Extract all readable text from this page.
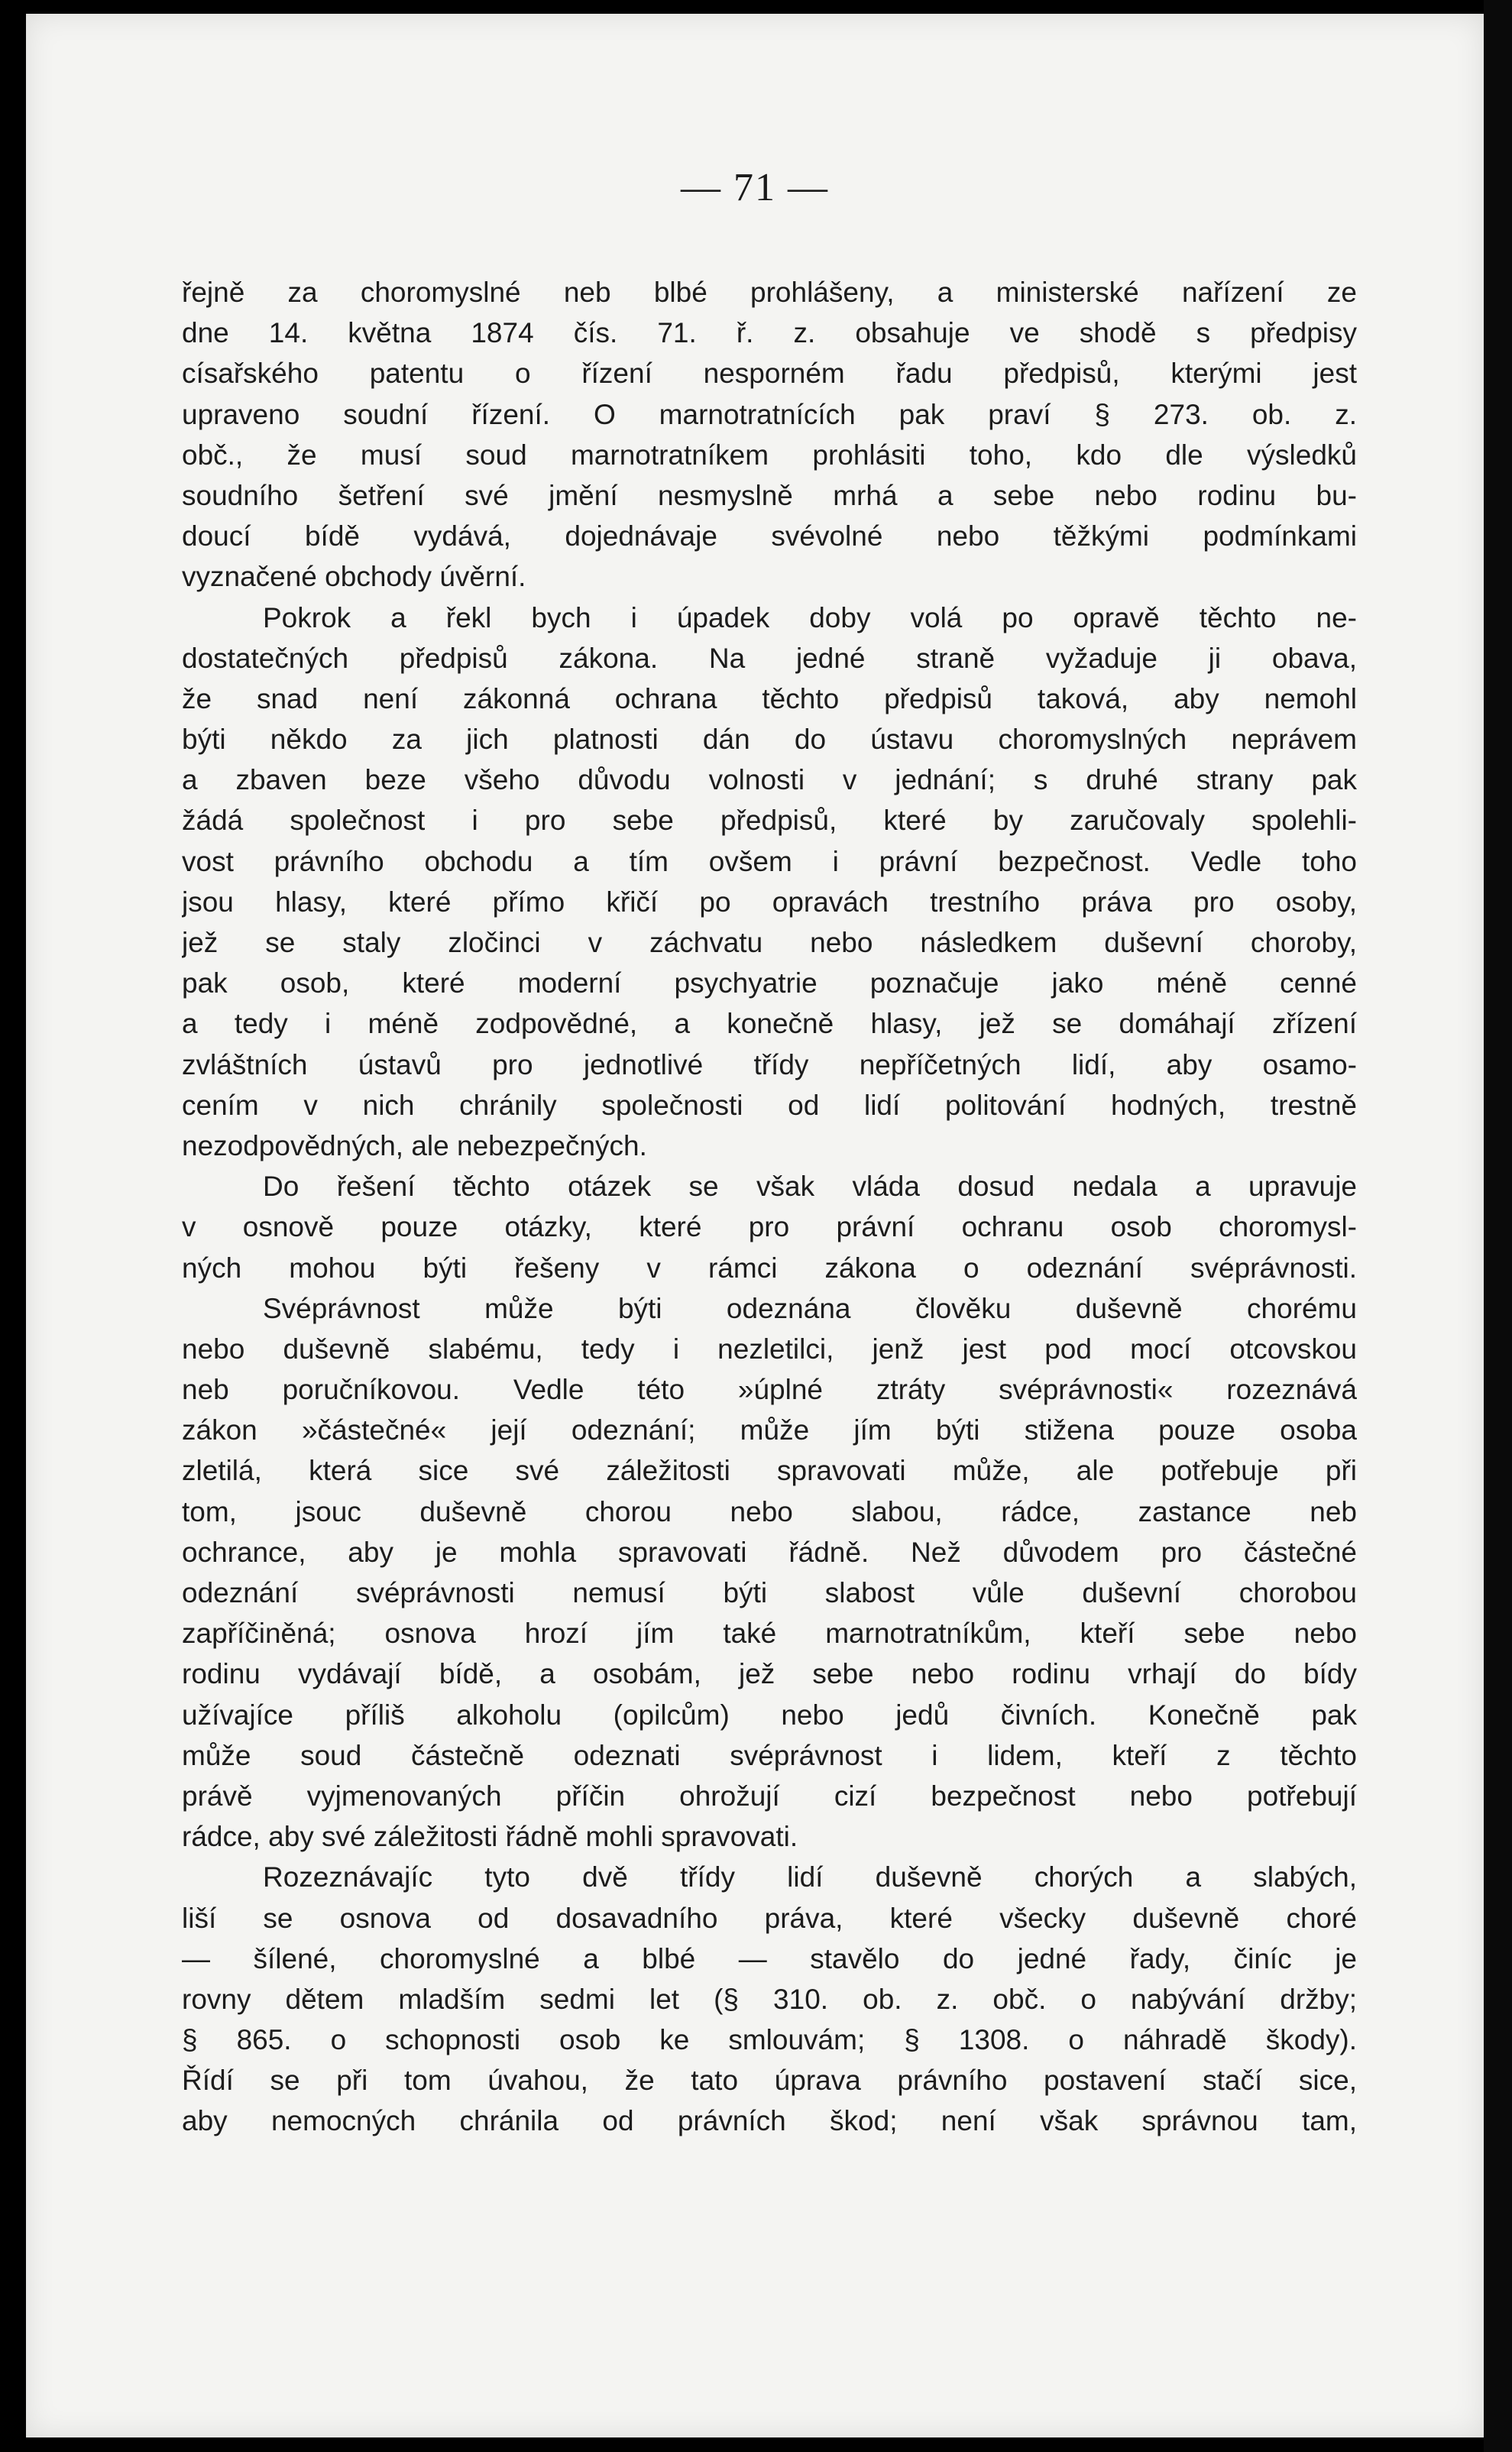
— 71 —
řejně za choromyslné neb blbé prohlášeny, a ministerské nařízení ze
dne 14. května 1874 čís. 71. ř. z. obsahuje ve shodě s předpisy
císařského patentu o řízení nesporném řadu předpisů, kterými jest
upraveno soudní řízení. O marnotratnících pak praví § 273. ob. z.
obč., že musí soud marnotratníkem prohlásiti toho, kdo dle výsledků
soudního šetření své jmění nesmyslně mrhá a sebe nebo rodinu bu-
doucí bídě vydává, dojednávaje svévolné nebo těžkými podmínkami
vyznačené obchody úvěrní.
Pokrok a řekl bych i úpadek doby volá po opravě těchto ne-
dostatečných předpisů zákona. Na jedné straně vyžaduje ji obava,
že snad není zákonná ochrana těchto předpisů taková, aby nemohl
býti někdo za jich platnosti dán do ústavu choromyslných neprávem
a zbaven beze všeho důvodu volnosti v jednání; s druhé strany pak
žádá společnost i pro sebe předpisů, které by zaručovaly spolehli-
vost právního obchodu a tím ovšem i právní bezpečnost. Vedle toho
jsou hlasy, které přímo křičí po opravách trestního práva pro osoby,
jež se staly zločinci v záchvatu nebo následkem duševní choroby,
pak osob, které moderní psychyatrie poznačuje jako méně cenné
a tedy i méně zodpovědné, a konečně hlasy, jež se domáhají zřízení
zvláštních ústavů pro jednotlivé třídy nepříčetných lidí, aby osamo-
cením v nich chránily společnosti od lidí politování hodných, trestně
nezodpovědných, ale nebezpečných.
Do řešení těchto otázek se však vláda dosud nedala a upravuje
v osnově pouze otázky, které pro právní ochranu osob choromysl-
ných mohou býti řešeny v rámci zákona o odeznání svéprávnosti.
Svéprávnost může býti odeznána člověku duševně chorému
nebo duševně slabému, tedy i nezletilci, jenž jest pod mocí otcovskou
neb poručníkovou. Vedle této »úplné ztráty svéprávnosti« rozeznává
zákon »částečné« její odeznání; může jím býti stižena pouze osoba
zletilá, která sice své záležitosti spravovati může, ale potřebuje při
tom, jsouc duševně chorou nebo slabou, rádce, zastance neb
ochrance, aby je mohla spravovati řádně. Než důvodem pro částečné
odeznání svéprávnosti nemusí býti slabost vůle duševní chorobou
zapříčiněná; osnova hrozí jím také marnotratníkům, kteří sebe nebo
rodinu vydávají bídě, a osobám, jež sebe nebo rodinu vrhají do bídy
užívajíce příliš alkoholu (opilcům) nebo jedů čivních. Konečně pak
může soud částečně odeznati svéprávnost i lidem, kteří z těchto
právě vyjmenovaných příčin ohrožují cizí bezpečnost nebo potřebují
rádce, aby své záležitosti řádně mohli spravovati.
Rozeznávajíc tyto dvě třídy lidí duševně chorých a slabých,
liší se osnova od dosavadního práva, které všecky duševně choré
— šílené, choromyslné a blbé — stavělo do jedné řady, činíc je
rovny dětem mladším sedmi let (§ 310. ob. z. obč. o nabývání držby;
§ 865. o schopnosti osob ke smlouvám; § 1308. o náhradě škody).
Řídí se při tom úvahou, že tato úprava právního postavení stačí sice,
aby nemocných chránila od právních škod; není však správnou tam,
